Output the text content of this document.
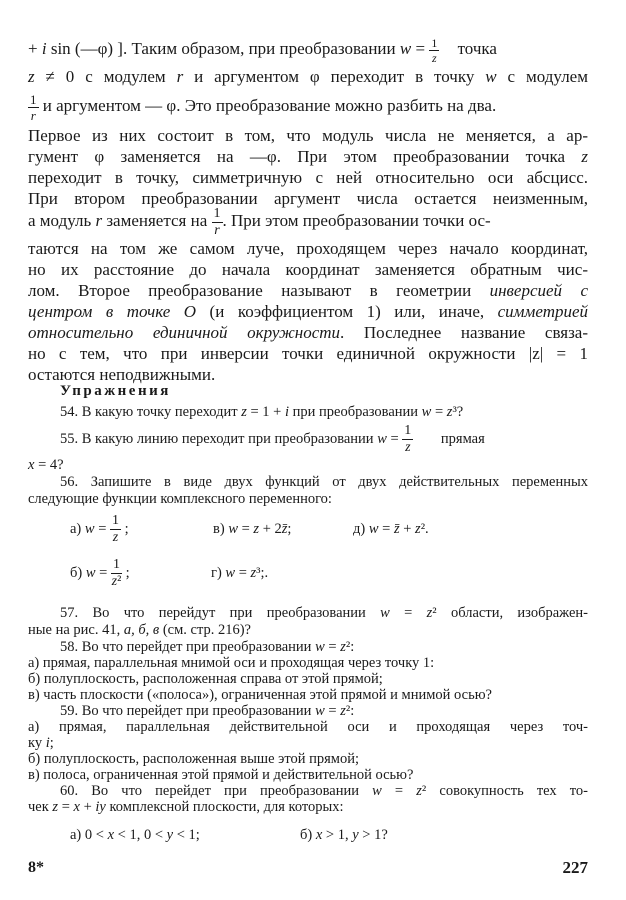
+ i sin (—φ) ]. Таким образом, при преобразовании $w = \frac{1}{z}$ точка
z ≠ 0 с модулем r и аргументом φ переходит в точку w с модулем
$\frac{1}{r}$ и аргументом — φ. Это преобразование можно разбить на два.
Первое из них состоит в том, что модуль числа не меняется, а ар-
гумент φ заменяется на —φ. При этом преобразовании точка z
переходит в точку, симметричную с ней относительно оси абсцисс.
При втором преобразовании аргумент числа остается неизменным,
а модуль r заменяется на $\frac{1}{r}$ . При этом преобразовании точки ос-
таются на том же самом луче, проходящем через начало координат,
но их расстояние до начала координат заменяется обратным чис-
лом. Второе преобразование называют в геометрии инверсией с
центром в точке O (и коэффициентом 1) или, иначе, симметрией
относительно единичной окружности. Последнее название связа-
но с тем, что при инверсии точки единичной окружности |z| = 1
остаются неподвижными.
Упражнения
54. В какую точку переходит z = 1 + i при преобразовании w = z³?
55. В какую линию переходит при преобразовании $w = \frac{1}{z}$ прямая
x = 4?
56. Запишите в виде двух функций от двух действительных переменных
следующие функции комплексного переменного:
а) $w = \frac{1}{z}$ ;	в) w = z + 2z̄;	д) w = z̄ + z².
б) $w = \frac{1}{\text{z²}}$ ;	г) w = z³;.
57. Во что перейдут при преобразовании w = z² области, изображен-
ные на рис. 41, а, б, в (см. стр. 216)?
58. Во что перейдет при преобразовании w = z²:
а) прямая, параллельная мнимой оси и проходящая через точку 1:
б) полуплоскость, расположенная справа от этой прямой;
в) часть плоскости («полоса»), ограниченная этой прямой и мнимой осью?
59. Во что перейдет при преобразовании w = z²:
а) прямая, параллельная действительной оси и проходящая через точ-
ку i;
б) полуплоскость, расположенная выше этой прямой;
в) полоса, ограниченная этой прямой и действительной осью?
60. Во что перейдет при преобразовании w = z² совокупность тех то-
чек z = x + iy комплексной плоскости, для которых:
а) 0 < x < 1, 0 < y < 1;	б) x > 1, y > 1?
8*	227
